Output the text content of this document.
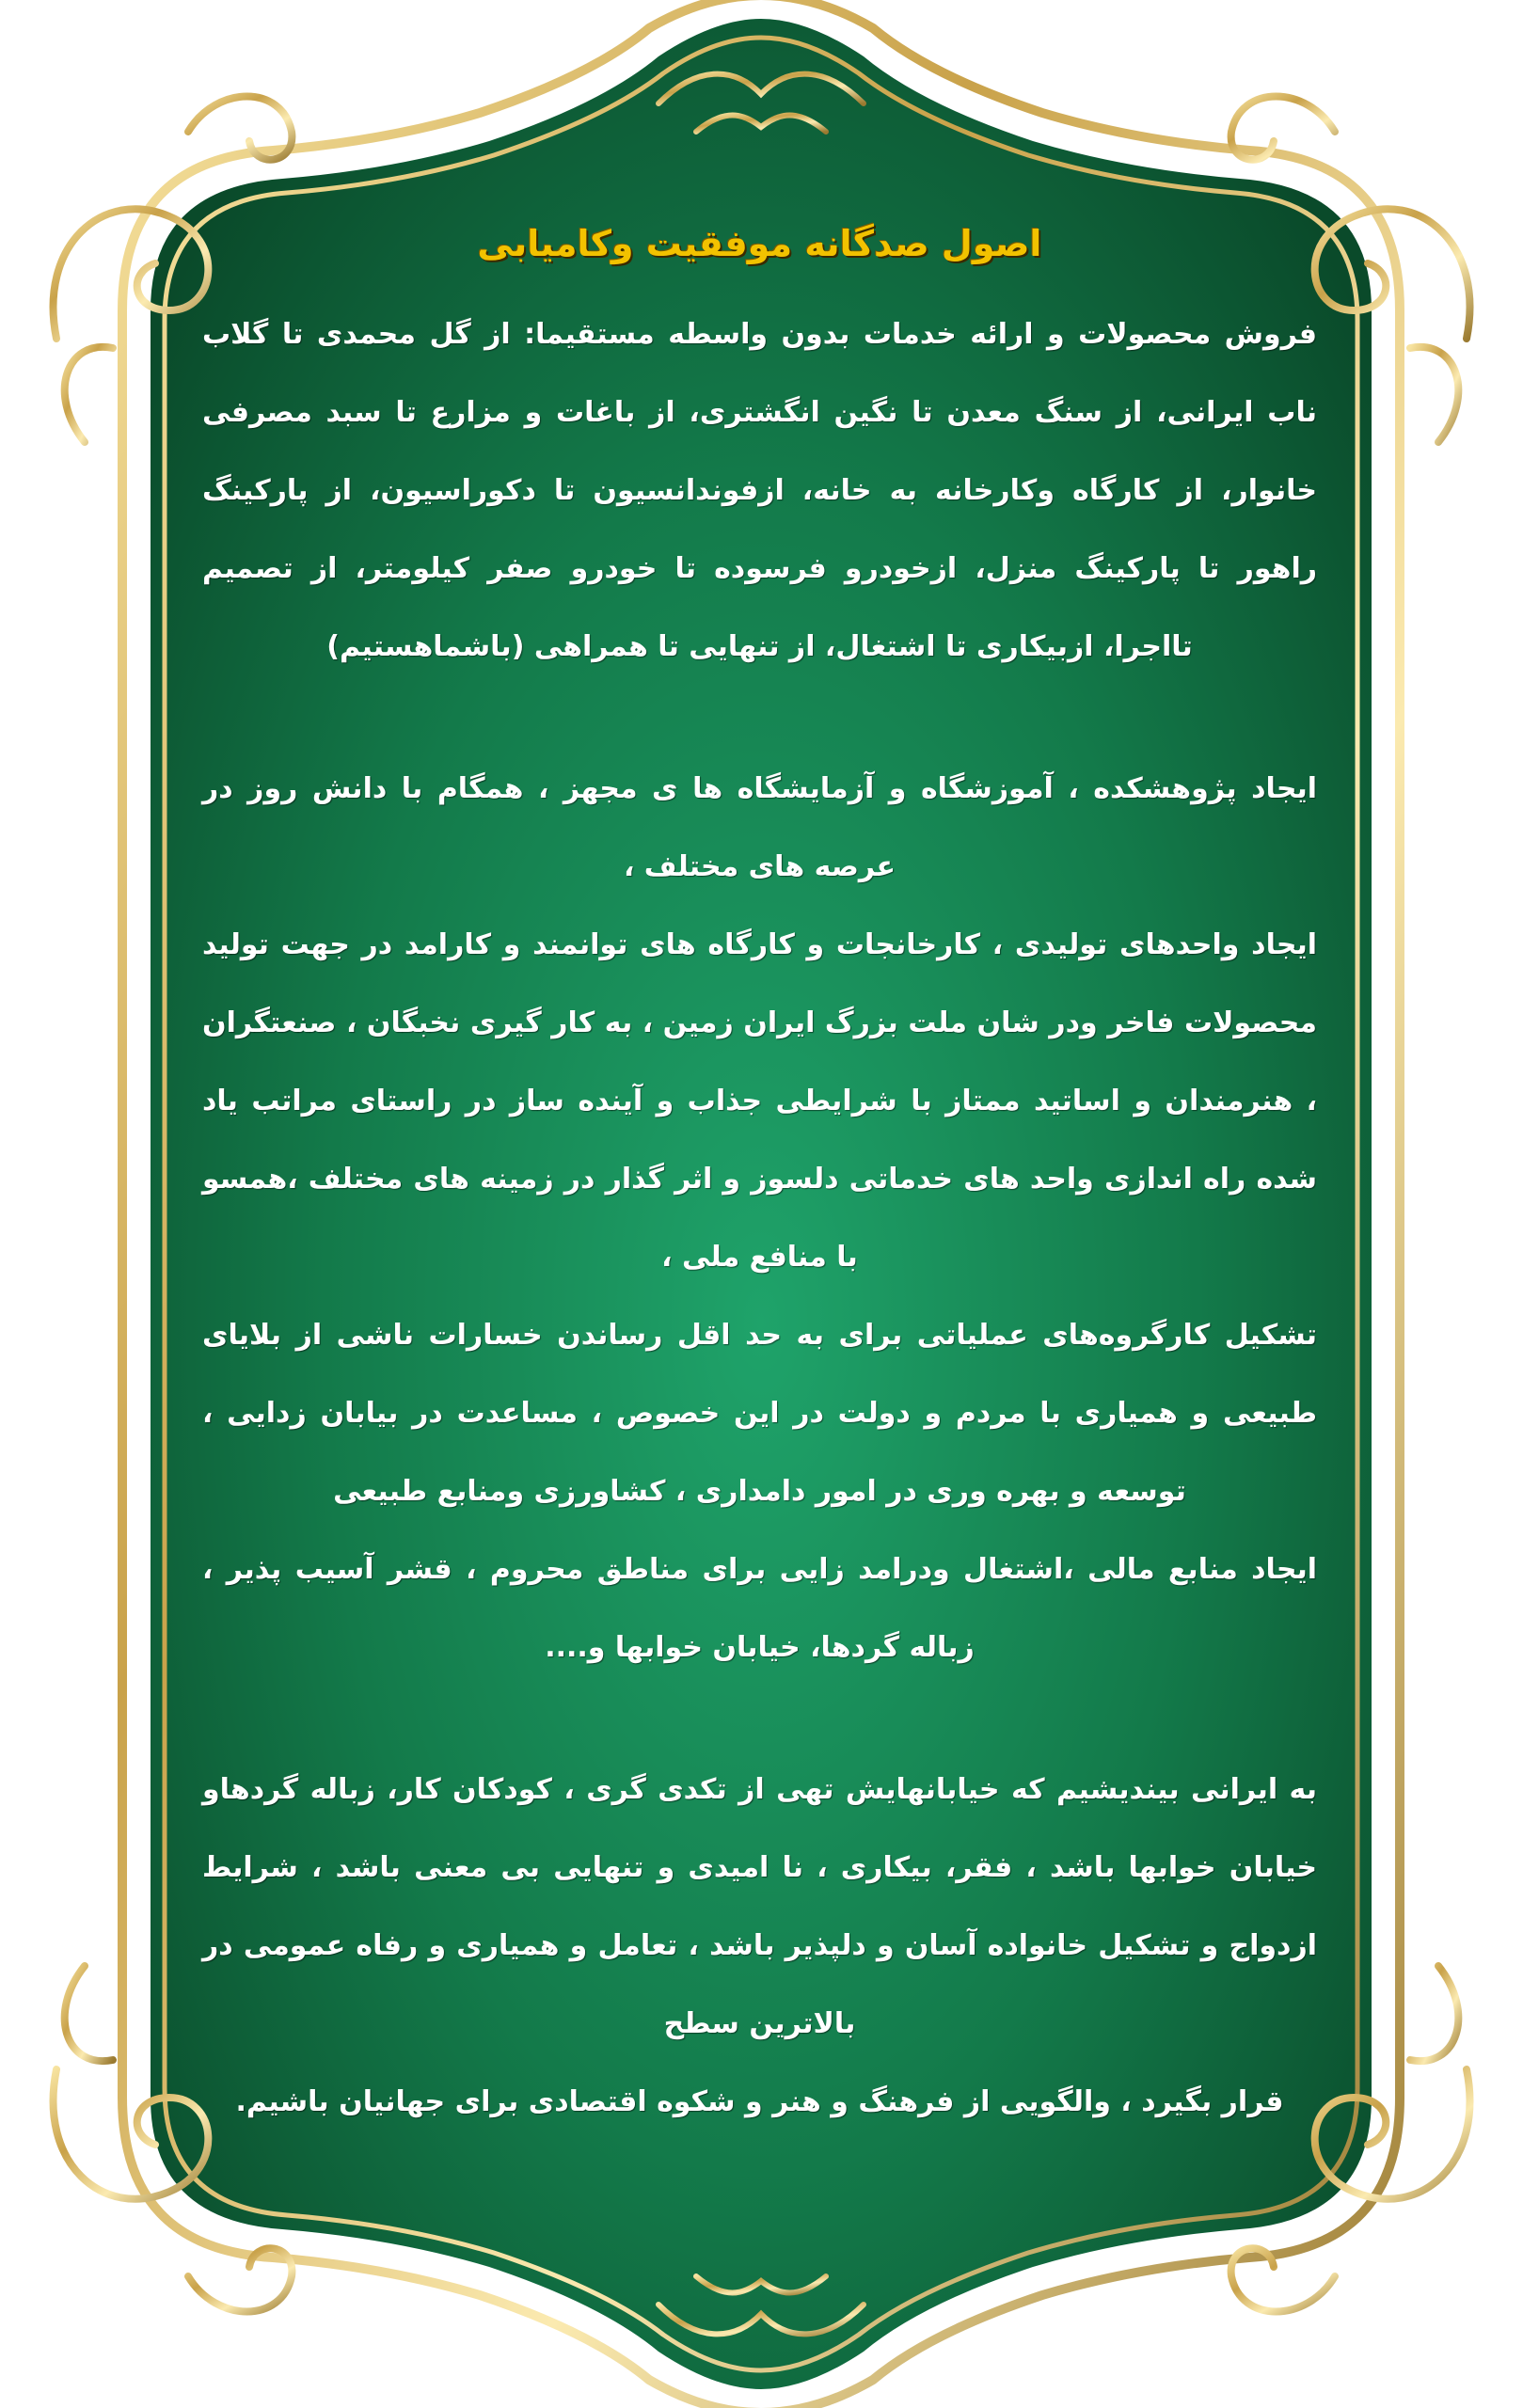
اصول صدگانه موفقیت وکامیابی

فروش محصولات و ارائه خدمات بدون واسطه مستقیما: از گل محمدی تا گلاب ناب ایرانی، از سنگ معدن تا نگین انگشتری، از باغات و مزارع تا سبد مصرفی خانوار، از کارگاه وکارخانه به خانه، ازفوندانسیون تا دکوراسیون، از پارکینگ راهور تا پارکینگ منزل، ازخودرو فرسوده تا خودرو صفر کیلومتر، از تصمیم تااجرا، ازبیکاری تا اشتغال، از تنهایی تا همراهی (باشماهستیم)

ایجاد پژوهشکده ، آموزشگاه و آزمایشگاه ها ی مجهز ، همگام با دانش روز در عرصه های مختلف ،

ایجاد واحدهای تولیدی ، کارخانجات و کارگاه های توانمند و کارامد در جهت تولید محصولات فاخر ودر شان ملت بزرگ ایران زمین ، به کار گیری نخبگان ، صنعتگران ، هنرمندان و اساتید ممتاز با شرایطی جذاب و آینده ساز در راستای مراتب یاد شده راه اندازی واحد های خدماتی دلسوز و اثر گذار در زمینه های مختلف ،همسو با منافع ملی ،

تشکیل کارگروه‌های عملیاتی برای به حد اقل رساندن خسارات ناشی از بلایای طبیعی و همیاری با مردم و دولت در این خصوص ، مساعدت در بیابان زدایی ، توسعه و بهره وری در امور دامداری ، کشاورزی ومنابع طبیعی

ایجاد منابع مالی ،اشتغال ودرامد زایی برای مناطق محروم ، قشر آسیب پذیر ، زباله گردها، خیابان خوابها و....

به ایرانی بیندیشیم که خیابانهایش تهی از تکدی گری ، کودکان کار، زباله گردهاو خیابان خوابها باشد ، فقر، بیکاری ، نا امیدی و تنهایی بی معنی باشد ، شرایط ازدواج و تشکیل خانواده آسان و دلپذیر باشد ، تعامل و همیاری و رفاه عمومی در بالاترین سطح

قرار بگیرد ، والگویی از فرهنگ و هنر و شکوه اقتصادی برای جهانیان باشیم.
